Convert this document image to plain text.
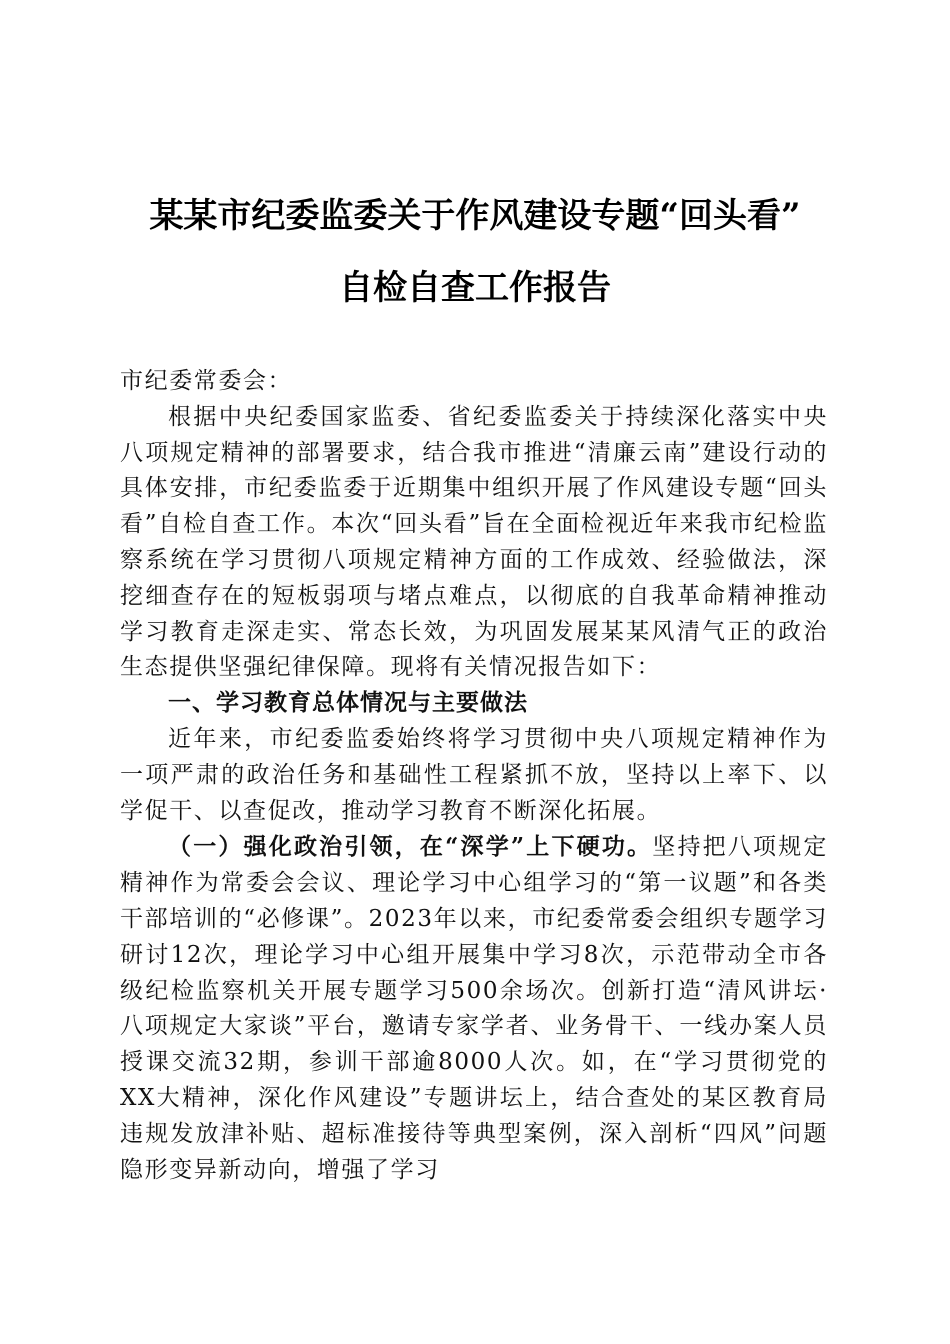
某某市纪委监委关于作风建设专题“回头看”
自检自查工作报告

市纪委常委会：

根据中央纪委国家监委、省纪委监委关于持续深化落实中央八项规定精神的部署要求，结合我市推进“清廉云南”建设行动的具体安排，市纪委监委于近期集中组织开展了作风建设专题“回头看”自检自查工作。本次“回头看”旨在全面检视近年来我市纪检监察系统在学习贯彻八项规定精神方面的工作成效、经验做法，深挖细查存在的短板弱项与堵点难点，以彻底的自我革命精神推动学习教育走深走实、常态长效，为巩固发展某某风清气正的政治生态提供坚强纪律保障。现将有关情况报告如下：

一、学习教育总体情况与主要做法

近年来，市纪委监委始终将学习贯彻中央八项规定精神作为一项严肃的政治任务和基础性工程紧抓不放，坚持以上率下、以学促干、以查促改，推动学习教育不断深化拓展。

（一）强化政治引领，在“深学”上下硬功。坚持把八项规定精神作为常委会会议、理论学习中心组学习的“第一议题”和各类干部培训的“必修课”。2023年以来，市纪委常委会组织专题学习研讨12次，理论学习中心组开展集中学习8次，示范带动全市各级纪检监察机关开展专题学习500余场次。创新打造“清风讲坛·八项规定大家谈”平台，邀请专家学者、业务骨干、一线办案人员授课交流32期，参训干部逾8000人次。如，在“学习贯彻党的XX大精神，深化作风建设”专题讲坛上，结合查处的某区教育局违规发放津补贴、超标准接待等典型案例，深入剖析“四风”问题隐形变异新动向，增强了学习
